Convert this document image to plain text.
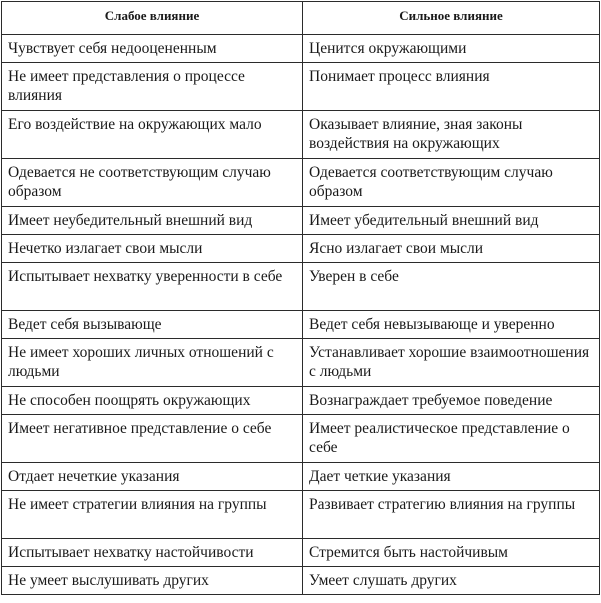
Слабое влияние	Сильное влияние
Чувствует себя недооцененным	Ценится окружающими
Не имеет представления о процессе влияния	Понимает процесс влияния
Его воздействие на окружающих мало	Оказывает влияние, зная законы воздействия на окружающих
Одевается не соответствующим случаю образом	Одевается соответствующим случаю образом
Имеет неубедительный внешний вид	Имеет убедительный внешний вид
Нечетко излагает свои мысли	Ясно излагает свои мысли
Испытывает нехватку уверенности в себе	Уверен в себе
Ведет себя вызывающе	Ведет себя невызывающе и уверенно
Не имеет хороших личных отношений с людьми	Устанавливает хорошие взаимоотношения с людьми
Не способен поощрять окружающих	Вознаграждает требуемое поведение
Имеет негативное представление о себе	Имеет реалистическое представление о себе
Отдает нечеткие указания	Дает четкие указания
Не имеет стратегии влияния на группы	Развивает стратегию влияния на группы
Испытывает нехватку настойчивости	Стремится быть настойчивым
Не умеет выслушивать других	Умеет слушать других
